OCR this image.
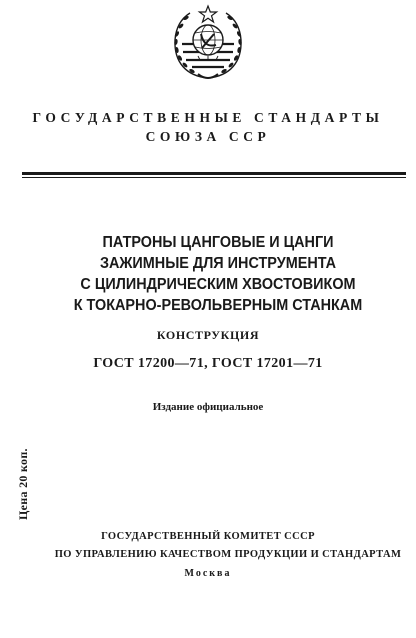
ГОСУДАРСТВЕННЫЕ СТАНДАРТЫ
СОЮЗА ССР
ПАТРОНЫ ЦАНГОВЫЕ И ЦАНГИ
ЗАЖИМНЫЕ ДЛЯ ИНСТРУМЕНТА
С ЦИЛИНДРИЧЕСКИМ ХВОСТОВИКОМ
К ТОКАРНО-РЕВОЛЬВЕРНЫМ СТАНКАМ
КОНСТРУКЦИЯ
ГОСТ 17200—71, ГОСТ 17201—71
Издание официальное
Цена 20 коп.
ГОСУДАРСТВЕННЫЙ КОМИТЕТ СССР
ПО УПРАВЛЕНИЮ КАЧЕСТВОМ ПРОДУКЦИИ И СТАНДАРТАМ
Москва
